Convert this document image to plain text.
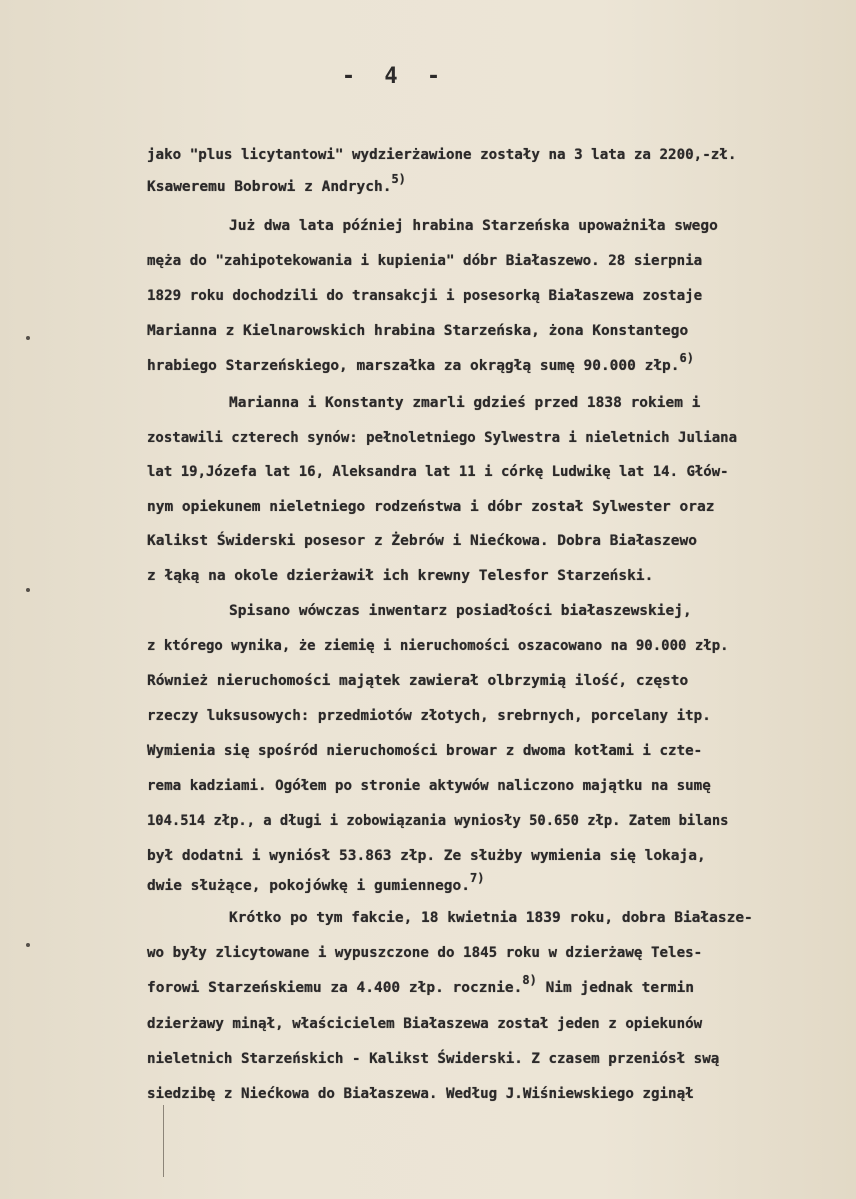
- 4 -
jako "plus licytantowi" wydzierżawione zostały na 3 lata za 2200,-zł.
Ksaweremu Bobrowi z Andrych.$^{5)}$
Już dwa lata później hrabina Starzeńska upoważniła swego
męża do "zahipotekowania i kupienia" dóbr Białaszewo. 28 sierpnia
1829 roku dochodzili do transakcji i posesorką Białaszewa zostaje
Marianna z Kielnarowskich hrabina Starzeńska, żona Konstantego
hrabiego Starzeńskiego, marszałka za okrągłą sumę 90.000 złp.$^{6)}$
Marianna i Konstanty zmarli gdzieś przed 1838 rokiem i
zostawili czterech synów: pełnoletniego Sylwestra i nieletnich Juliana
lat 19,Józefa lat 16, Aleksandra lat 11 i córkę Ludwikę lat 14. Głów-
nym opiekunem nieletniego rodzeństwa i dóbr został Sylwester oraz
Kalikst Świderski posesor z Żebrów i Niećkowa. Dobra Białaszewo
z łąką na okole dzierżawił ich krewny Telesfor Starzeński.
Spisano wówczas inwentarz posiadłości białaszewskiej,
z którego wynika, że ziemię i nieruchomości oszacowano na 90.000 złp.
Również nieruchomości majątek zawierał olbrzymią ilość, często
rzeczy luksusowych: przedmiotów złotych, srebrnych, porcelany itp.
Wymienia się spośród nieruchomości browar z dwoma kotłami i czte-
rema kadziami. Ogółem po stronie aktywów naliczono majątku na sumę
104.514 złp., a długi i zobowiązania wyniosły 50.650 złp. Zatem bilans
był dodatni i wyniósł 53.863 złp. Ze służby wymienia się lokaja,
dwie służące, pokojówkę i gumiennego.$^{7)}$
Krótko po tym fakcie, 18 kwietnia 1839 roku, dobra Białasze-
wo były zlicytowane i wypuszczone do 1845 roku w dzierżawę Teles-
forowi Starzeńskiemu za 4.400 złp. rocznie.$^{8)}$ Nim jednak termin
dzierżawy minął, właścicielem Białaszewa został jeden z opiekunów
nieletnich Starzeńskich - Kalikst Świderski. Z czasem przeniósł swą
siedzibę z Niećkowa do Białaszewa. Według J.Wiśniewskiego zginął
